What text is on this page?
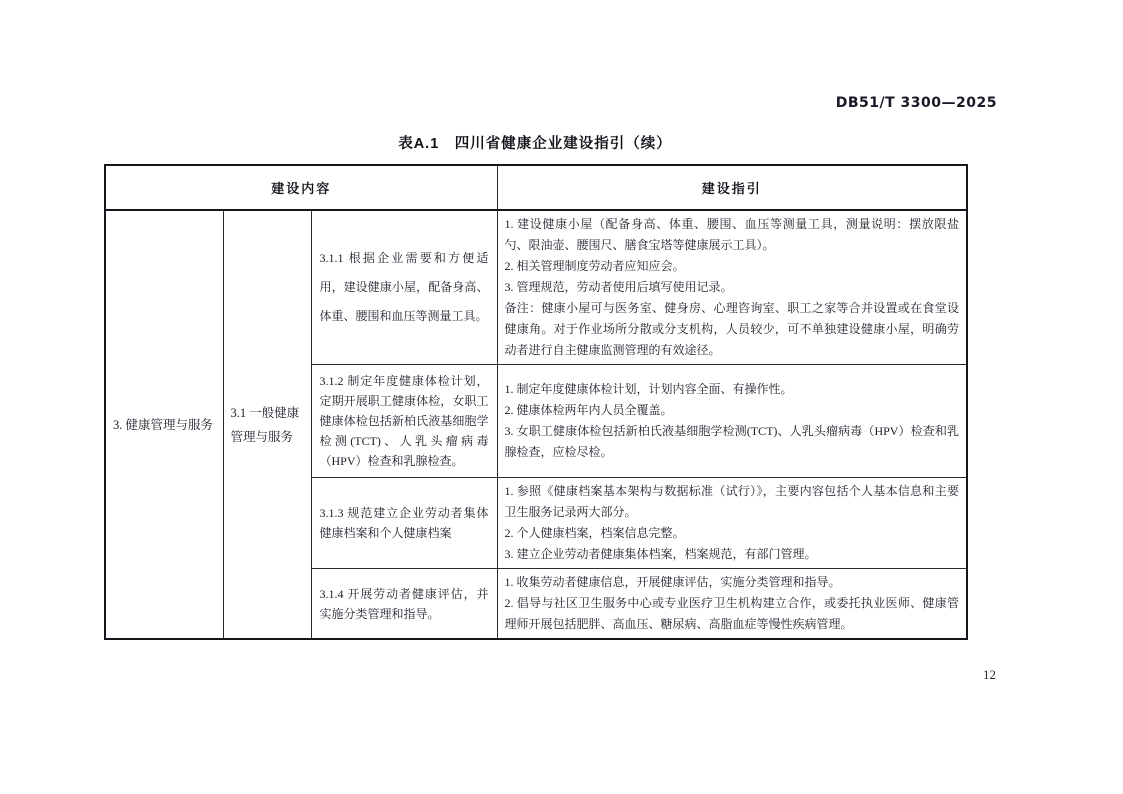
DB51/T 3300—2025
表A.1　四川省健康企业建设指引（续）
建设内容			建设指引
3. 健康管理与服务	3.1 一般健康管理与服务	3.1.1 根据企业需要和方便适用，建设健康小屋，配备身高、体重、腰围和血压等测量工具。	1. 建设健康小屋（配备身高、体重、腰围、血压等测量工具，测量说明：摆放限盐勺、限油壶、腰围尺、膳食宝塔等健康展示工具）。
2. 相关管理制度劳动者应知应会。
3. 管理规范，劳动者使用后填写使用记录。
备注：健康小屋可与医务室、健身房、心理咨询室、职工之家等合并设置或在食堂设健康角。对于作业场所分散或分支机构，人员较少，可不单独建设健康小屋，明确劳动者进行自主健康监测管理的有效途径。

		3.1.2 制定年度健康体检计划，定期开展职工健康体检，女职工健康体检包括新柏氏液基细胞学检测(TCT)、人乳头瘤病毒（HPV）检查和乳腺检查。	1. 制定年度健康体检计划，计划内容全面、有操作性。
2. 健康体检两年内人员全覆盖。
3. 女职工健康体检包括新柏氏液基细胞学检测(TCT)、人乳头瘤病毒（HPV）检查和乳腺检查，应检尽检。

		3.1.3 规范建立企业劳动者集体健康档案和个人健康档案	1. 参照《健康档案基本架构与数据标准（试行）》，主要内容包括个人基本信息和主要卫生服务记录两大部分。
2. 个人健康档案，档案信息完整。
3. 建立企业劳动者健康集体档案，档案规范，有部门管理。

		3.1.4 开展劳动者健康评估，并实施分类管理和指导。	1. 收集劳动者健康信息，开展健康评估，实施分类管理和指导。
2. 倡导与社区卫生服务中心或专业医疗卫生机构建立合作，或委托执业医师、健康管理师开展包括肥胖、高血压、糖尿病、高脂血症等慢性疾病管理。
12
